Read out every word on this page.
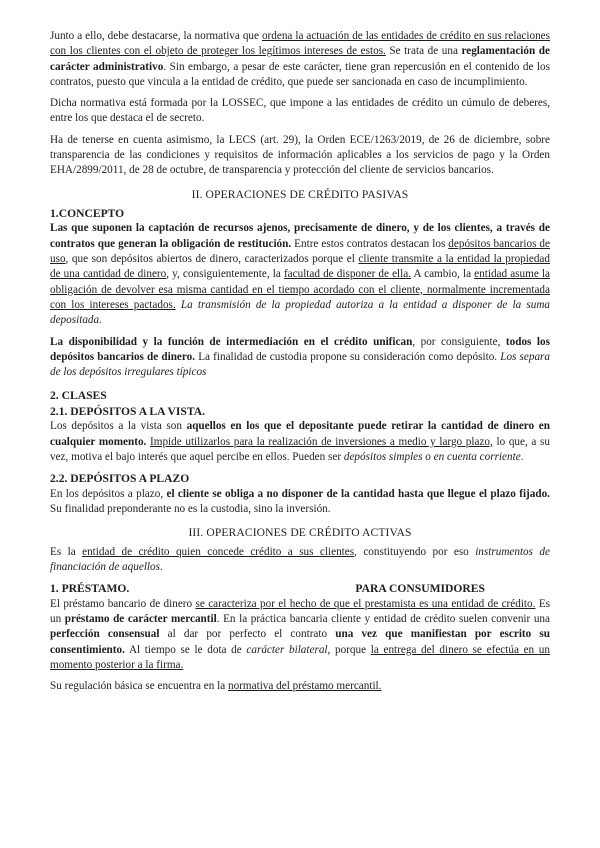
Junto a ello, debe destacarse, la normativa que ordena la actuación de las entidades de crédito en sus relaciones con los clientes con el objeto de proteger los legítimos intereses de estos. Se trata de una reglamentación de carácter administrativo. Sin embargo, a pesar de este carácter, tiene gran repercusión en el contenido de los contratos, puesto que vincula a la entidad de crédito, que puede ser sancionada en caso de incumplimiento.

Dicha normativa está formada por la LOSSEC, que impone a las entidades de crédito un cúmulo de deberes, entre los que destaca el de secreto.

Ha de tenerse en cuenta asimismo, la LECS (art. 29), la Orden ECE/1263/2019, de 26 de diciembre, sobre transparencia de las condiciones y requisitos de información aplicables a los servicios de pago y la Orden EHA/2899/2011, de 28 de octubre, de transparencia y protección del cliente de servicios bancarios.

II. OPERACIONES DE CRÉDITO PASIVAS
1.CONCEPTO

Las que suponen la captación de recursos ajenos, precisamente de dinero, y de los clientes, a través de contratos que generan la obligación de restitución. Entre estos contratos destacan los depósitos bancarios de uso, que son depósitos abiertos de dinero, caracterizados porque el cliente transmite a la entidad la propiedad de una cantidad de dinero, y, consiguientemente, la facultad de disponer de ella. A cambio, la entidad asume la obligación de devolver esa misma cantidad en el tiempo acordado con el cliente, normalmente incrementada con los intereses pactados. La transmisión de la propiedad autoriza a la entidad a disponer de la suma depositada.

La disponibilidad y la función de intermediación en el crédito unifican, por consiguiente, todos los depósitos bancarios de dinero. La finalidad de custodia propone su consideración como depósito. Los separa de los depósitos irregulares típicos

2. CLASES
2.1. DEPÓSITOS A LA VISTA.

Los depósitos a la vista son aquellos en los que el depositante puede retirar la cantidad de dinero en cualquier momento. Impide utilizarlos para la realización de inversiones a medio y largo plazo, lo que, a su vez, motiva el bajo interés que aquel percibe en ellos. Pueden ser depósitos simples o en cuenta corriente.

2.2. DEPÓSITOS A PLAZO

En los depósitos a plazo, el cliente se obliga a no disponer de la cantidad hasta que llegue el plazo fijado. Su finalidad preponderante no es la custodia, sino la inversión.

III. OPERACIONES DE CRÉDITO ACTIVAS

Es la entidad de crédito quien concede crédito a sus clientes, constituyendo por eso instrumentos de financiación de aquellos.

1. PRÉSTAMO.	PARA CONSUMIDORES

El préstamo bancario de dinero se caracteriza por el hecho de que el prestamista es una entidad de crédito. Es un préstamo de carácter mercantil. En la práctica bancaria cliente y entidad de crédito suelen convenir una perfección consensual al dar por perfecto el contrato una vez que manifiestan por escrito su consentimiento. Al tiempo se le dota de carácter bilateral, porque la entrega del dinero se efectúa en un momento posterior a la firma.

Su regulación básica se encuentra en la normativa del préstamo mercantil.
